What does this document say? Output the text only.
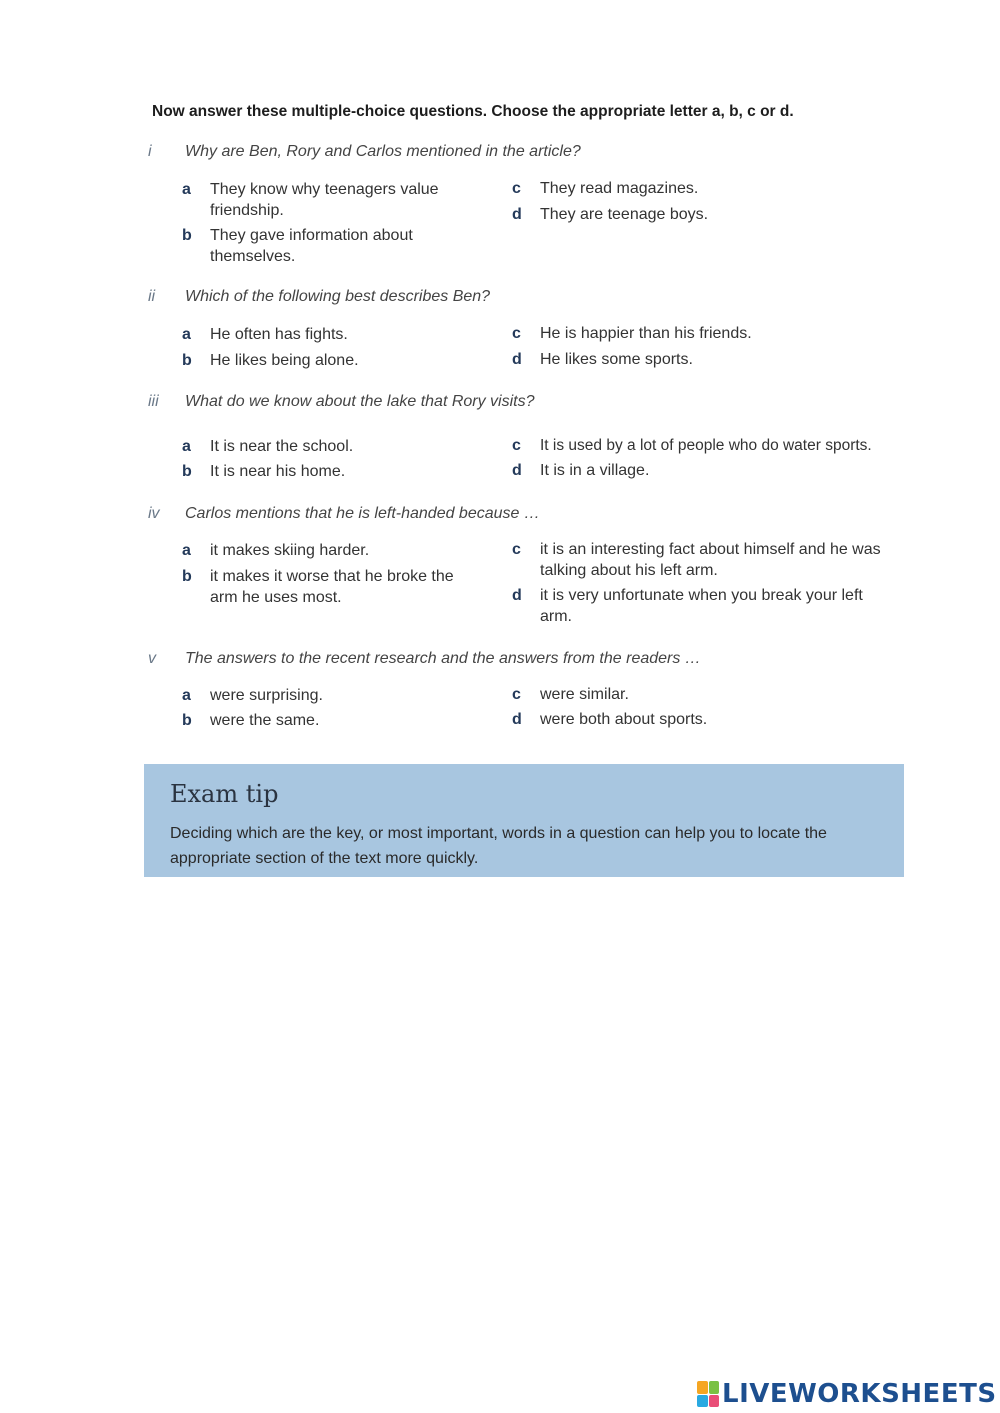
Now answer these multiple-choice questions. Choose the appropriate letter a, b, c or d.
i	Why are Ben, Rory and Carlos mentioned in the article?
a They know why teenagers value friendship.
b They gave information about themselves.
c They read magazines.
d They are teenage boys.
ii	Which of the following best describes Ben?
a He often has fights.
b He likes being alone.
c He is happier than his friends.
d He likes some sports.
iii	What do we know about the lake that Rory visits?
a It is near the school.
b It is near his home.
c It is used by a lot of people who do water sports.
d It is in a village.
iv	Carlos mentions that he is left-handed because …
a it makes skiing harder.
b it makes it worse that he broke the arm he uses most.
c it is an interesting fact about himself and he was talking about his left arm.
d it is very unfortunate when you break your left arm.
v	The answers to the recent research and the answers from the readers …
a were surprising.
b were the same.
c were similar.
d were both about sports.
Exam tip
Deciding which are the key, or most important, words in a question can help you to locate the appropriate section of the text more quickly.
LIVEWORKSHEETS
